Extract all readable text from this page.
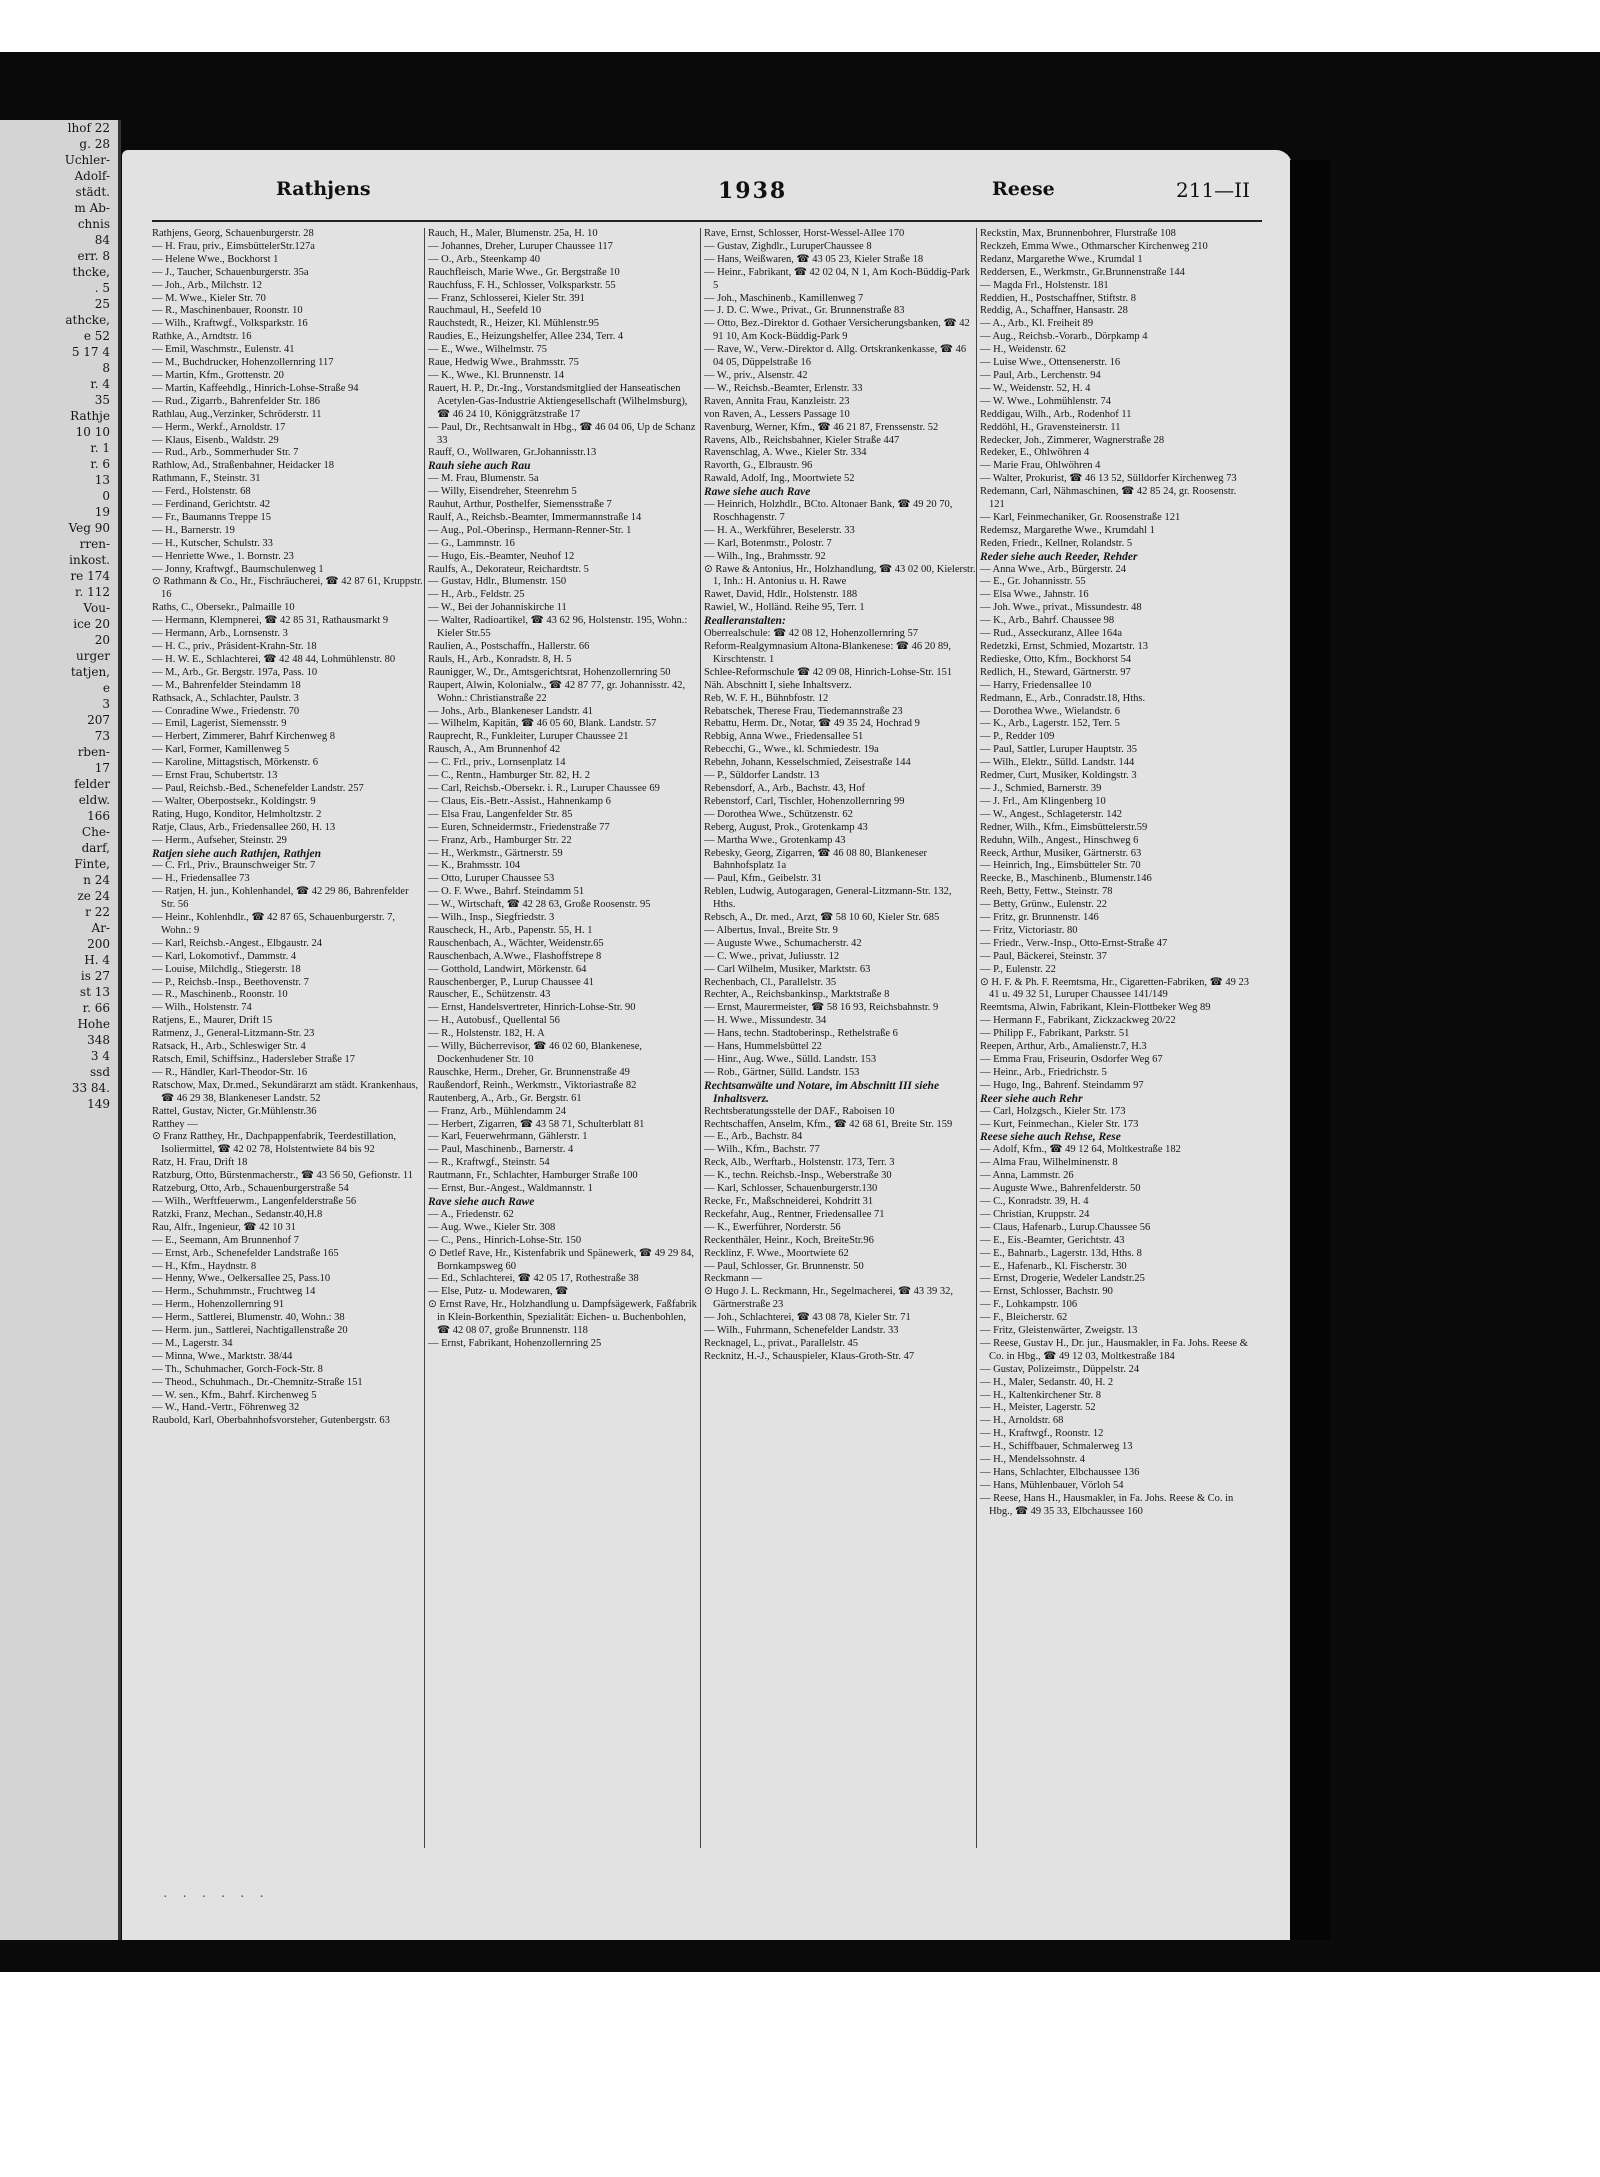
lhof 22
g. 28
Uchler-
Adolf-
städt.
m Ab-
chnis
84
err. 8
thcke,
. 5
25
athcke,
e 52
5 17 4
8
r. 4
35
Rathje
10 10
r. 1
r. 6
13
0
19
Veg 90
rren-
inkost.
re 174
r. 112
Vou-
ice 20
20
urger
tatjen,
e
3
207
73
rben-
17
felder
eldw.
166
Che-
darf,
Finte,
n 24
ze 24
r 22
Ar-
200
H. 4
is 27
st 13
r. 66
Hohe
348
3 4
ssd
33 84.
149
Rathjens	1938	Reese	211—II
Rathjens, Georg, Schauenburgerstr. 28
— H. Frau, priv., EimsbüttelerStr.127a
— Helene Wwe., Bockhorst 1
— J., Taucher, Schauenburgerstr. 35a
— Joh., Arb., Milchstr. 12
— M. Wwe., Kieler Str. 70
— R., Maschinenbauer, Roonstr. 10
— Wilh., Kraftwgf., Volksparkstr. 16
Rathke, A., Arndtstr. 16
— Emil, Waschmstr., Eulenstr. 41
— M., Buchdrucker, Hohenzollernring 117
— Martin, Kfm., Grottenstr. 20
— Martin, Kaffeehdlg., Hinrich-Lohse-Straße 94
— Rud., Zigarrb., Bahrenfelder Str. 186
Rathlau, Aug.,Verzinker, Schröderstr. 11
— Herm., Werkf., Arnoldstr. 17
— Klaus, Eisenb., Waldstr. 29
— Rud., Arb., Sommerhuder Str. 7
Rathlow, Ad., Straßenbahner, Heidacker 18
Rathmann, F., Steinstr. 31
— Ferd., Holstenstr. 68
— Ferdinand, Gerichtstr. 42
— Fr., Baumanns Treppe 15
— H., Barnerstr. 19
— H., Kutscher, Schulstr. 33
— Henriette Wwe., 1. Bornstr. 23
— Jonny, Kraftwgf., Baumschulenweg 1
⊙ Rathmann & Co., Hr., Fischräucherei, ☎ 42 87 61, Kruppstr. 16
Raths, C., Obersekr., Palmaille 10
— Hermann, Klempnerei, ☎ 42 85 31, Rathausmarkt 9
— Hermann, Arb., Lornsenstr. 3
— H. C., priv., Präsident-Krahn-Str. 18
— H. W. E., Schlachterei, ☎ 42 48 44, Lohmühlenstr. 80
— M., Arb., Gr. Bergstr. 197a, Pass. 10
— M., Bahrenfelder Steindamm 18
Rathsack, A., Schlachter, Paulstr. 3
— Conradine Wwe., Friedenstr. 70
— Emil, Lagerist, Siemensstr. 9
— Herbert, Zimmerer, Bahrf Kirchenweg 8
— Karl, Former, Kamillenweg 5
— Karoline, Mittagstisch, Mörkenstr. 6
— Ernst Frau, Schubertstr. 13
— Paul, Reichsb.-Bed., Schenefelder Landstr. 257
— Walter, Oberpostsekr., Koldingstr. 9
Rating, Hugo, Konditor, Helmholtzstr. 2
Ratje, Claus, Arb., Friedensallee 260, H. 13
— Herm., Aufseher, Steinstr. 29
Ratjen siehe auch Rathjen, Rathjen
— C. Frl., Priv., Braunschweiger Str. 7
— H., Friedensallee 73
— Ratjen, H. jun., Kohlenhandel, ☎ 42 29 86, Bahrenfelder Str. 56
— Heinr., Kohlenhdlr., ☎ 42 87 65, Schauenburgerstr. 7, Wohn.: 9
— Karl, Reichsb.-Angest., Elbgaustr. 24
— Karl, Lokomotivf., Dammstr. 4
— Louise, Milchdlg., Stiegerstr. 18
— P., Reichsb.-Insp., Beethovenstr. 7
— R., Maschinenb., Roonstr. 10
— Wilh., Holstenstr. 74
Ratjens, E., Maurer, Drift 15
Ratmenz, J., General-Litzmann-Str. 23
Ratsack, H., Arb., Schleswiger Str. 4
Ratsch, Emil, Schiffsinz., Hadersleber Straße 17
— R., Händler, Karl-Theodor-Str. 16
Ratschow, Max, Dr.med., Sekundärarzt am städt. Krankenhaus, ☎ 46 29 38, Blankeneser Landstr. 52
Rattel, Gustav, Nicter, Gr.Mühlenstr.36
Ratthey —
⊙ Franz Ratthey, Hr., Dachpappenfabrik, Teerdestillation, Isoliermittel, ☎ 42 02 78, Holstentwiete 84 bis 92
Ratz, H. Frau, Drift 18
Ratzburg, Otto, Bürstenmacherstr., ☎ 43 56 50, Gefionstr. 11
Ratzeburg, Otto, Arb., Schauenburgerstraße 54
— Wilh., Werftfeuerwm., Langenfelderstraße 56
Ratzki, Franz, Mechan., Sedanstr.40,H.8
Rau, Alfr., Ingenieur, ☎ 42 10 31
— E., Seemann, Am Brunnenhof 7
— Ernst, Arb., Schenefelder Landstraße 165
— H., Kfm., Haydnstr. 8
— Henny, Wwe., Oelkersallee 25, Pass.10
— Herm., Schuhmmstr., Fruchtweg 14
— Herm., Hohenzollernring 91
— Herm., Sattlerei, Blumenstr. 40, Wohn.: 38
— Herm. jun., Sattlerei, Nachtigallenstraße 20
— M., Lagerstr. 34
— Minna, Wwe., Marktstr. 38/44
— Th., Schuhmacher, Gorch-Fock-Str. 8
— Theod., Schuhmach., Dr.-Chemnitz-Straße 151
— W. sen., Kfm., Bahrf. Kirchenweg 5
— W., Hand.-Vertr., Föhrenweg 32
Raubold, Karl, Oberbahnhofsvorsteher, Gutenbergstr. 63
Rauch, H., Maler, Blumenstr. 25a, H. 10
— Johannes, Dreher, Luruper Chaussee 117
— O., Arb., Steenkamp 40
Rauchfleisch, Marie Wwe., Gr. Bergstraße 10
Rauchfuss, F. H., Schlosser, Volksparkstr. 55
— Franz, Schlosserei, Kieler Str. 391
Rauchmaul, H., Seefeld 10
Rauchstedt, R., Heizer, Kl. Mühlenstr.95
Raudies, E., Heizungshelfer, Allee 234, Terr. 4
— E., Wwe., Wilhelmstr. 75
Raue, Hedwig Wwe., Brahmsstr. 75
— K., Wwe., Kl. Brunnenstr. 14
Rauert, H. P., Dr.-Ing., Vorstandsmitglied der Hanseatischen Acetylen-Gas-Industrie Aktiengesellschaft (Wilhelmsburg), ☎ 46 24 10, Königgrätzstraße 17
— Paul, Dr., Rechtsanwalt in Hbg., ☎ 46 04 06, Up de Schanz 33
Rauff, O., Wollwaren, Gr.Johannisstr.13
Rauh siehe auch Rau
— M. Frau, Blumenstr. 5a
— Willy, Eisendreher, Steenrehm 5
Rauhut, Arthur, Posthelfer, Siemensstraße 7
Raulf, A., Reichsb.-Beamter, Immermannstraße 14
— Aug., Pol.-Oberinsp., Hermann-Renner-Str. 1
— G., Lammnstr. 16
— Hugo, Eis.-Beamter, Neuhof 12
Raulfs, A., Dekorateur, Reichardtstr. 5
— Gustav, Hdlr., Blumenstr. 150
— H., Arb., Feldstr. 25
— W., Bei der Johanniskirche 11
— Walter, Radioartikel, ☎ 43 62 96, Holstenstr. 195, Wohn.: Kieler Str.55
Raulien, A., Postschaffn., Hallerstr. 66
Rauls, H., Arb., Konradstr. 8, H. 5
Raunigger, W., Dr., Amtsgerichtsrat, Hohenzollernring 50
Raupert, Alwin, Kolonialw., ☎ 42 87 77, gr. Johannisstr. 42, Wohn.: Christianstraße 22
— Johs., Arb., Blankeneser Landstr. 41
— Wilhelm, Kapitän, ☎ 46 05 60, Blank. Landstr. 57
Rauprecht, R., Funkleiter, Luruper Chaussee 21
Rausch, A., Am Brunnenhof 42
— C. Frl., priv., Lornsenplatz 14
— C., Rentn., Hamburger Str. 82, H. 2
— Carl, Reichsb.-Obersekr. i. R., Luruper Chaussee 69
— Claus, Eis.-Betr.-Assist., Hahnenkamp 6
— Elsa Frau, Langenfelder Str. 85
— Euren, Schneidermstr., Friedenstraße 77
— Franz, Arb., Hamburger Str. 22
— H., Werkmstr., Gärtnerstr. 59
— K., Brahmsstr. 104
— Otto, Luruper Chaussee 53
— O. F. Wwe., Bahrf. Steindamm 51
— W., Wirtschaft, ☎ 42 28 63, Große Roosenstr. 95
— Wilh., Insp., Siegfriedstr. 3
Rauscheck, H., Arb., Papenstr. 55, H. 1
Rauschenbach, A., Wächter, Weidenstr.65
Rauschenbach, A.Wwe., Flashoffstrepe 8
— Gotthold, Landwirt, Mörkenstr. 64
Rauschenberger, P., Lurup Chaussee 41
Rauscher, E., Schützenstr. 43
— Ernst, Handelsvertreter, Hinrich-Lohse-Str. 90
— H., Autobusf., Quellental 56
— R., Holstenstr. 182, H. A
— Willy, Bücherrevisor, ☎ 46 02 60, Blankenese, Dockenhudener Str. 10
Rauschke, Herm., Dreher, Gr. Brunnenstraße 49
Raußendorf, Reinh., Werkmstr., Viktoriastraße 82
Rautenberg, A., Arb., Gr. Bergstr. 61
— Franz, Arb., Mühlendamm 24
— Herbert, Zigarren, ☎ 43 58 71, Schulterblatt 81
— Karl, Feuerwehrmann, Gählerstr. 1
— Paul, Maschinenb., Barnerstr. 4
— R., Kraftwgf., Steinstr. 54
Rautmann, Fr., Schlachter, Hamburger Straße 100
— Ernst, Bur.-Angest., Waldmannstr. 1
Rave siehe auch Rawe
— A., Friedenstr. 62
— Aug. Wwe., Kieler Str. 308
— C., Pens., Hinrich-Lohse-Str. 150
⊙ Detlef Rave, Hr., Kistenfabrik und Spänewerk, ☎ 49 29 84, Bornkampsweg 60
— Ed., Schlachterei, ☎ 42 05 17, Rothestraße 38
— Else, Putz- u. Modewaren, ☎
⊙ Ernst Rave, Hr., Holzhandlung u. Dampfsägewerk, Faßfabrik in Klein-Borkenthin, Spezialität: Eichen- u. Buchenbohlen, ☎ 42 08 07, große Brunnenstr. 118
— Ernst, Fabrikant, Hohenzollernring 25
Rave, Ernst, Schlosser, Horst-Wessel-Allee 170
— Gustav, Zighdlr., LuruperChaussee 8
— Hans, Weißwaren, ☎ 43 05 23, Kieler Straße 18
— Heinr., Fabrikant, ☎ 42 02 04, N 1, Am Koch-Büddig-Park 5
— Joh., Maschinenb., Kamillenweg 7
— J. D. C. Wwe., Privat., Gr. Brunnenstraße 83
— Otto, Bez.-Direktor d. Gothaer Versicherungsbanken, ☎ 42 91 10, Am Kock-Büddig-Park 9
— Rave, W., Verw.-Direktor d. Allg. Ortskrankenkasse, ☎ 46 04 05, Düppelstraße 16
— W., priv., Alsenstr. 42
— W., Reichsb.-Beamter, Erlenstr. 33
Raven, Annita Frau, Kanzleistr. 23
von Raven, A., Lessers Passage 10
Ravenburg, Werner, Kfm., ☎ 46 21 87, Frenssenstr. 52
Ravens, Alb., Reichsbahner, Kieler Straße 447
Ravenschlag, A. Wwe., Kieler Str. 334
Ravorth, G., Elbraustr. 96
Rawald, Adolf, Ing., Moortwiete 52
Rawe siehe auch Rave
— Heinrich, Holzhdlr., BCto. Altonaer Bank, ☎ 49 20 70, Roschhagenstr. 7
— H. A., Werkführer, Beselerstr. 33
— Karl, Botenmstr., Polostr. 7
— Wilh., Ing., Brahmsstr. 92
⊙ Rawe & Antonius, Hr., Holzhandlung, ☎ 43 02 00, Kielerstr. 1, Inh.: H. Antonius u. H. Rawe
Rawet, David, Hdlr., Holstenstr. 188
Rawiel, W., Holländ. Reihe 95, Terr. 1
Realleranstalten:
Oberrealschule: ☎ 42 08 12, Hohenzollernring 57
Reform-Realgymnasium Altona-Blankenese: ☎ 46 20 89, Kirschtenstr. 1
Schlee-Reformschule ☎ 42 09 08, Hinrich-Lohse-Str. 151
Näh. Abschnitt I, siehe Inhaltsverz.
Reb, W. F. H., Bühnbfostr. 12
Rebatschek, Therese Frau, Tiedemannstraße 23
Rebattu, Herm. Dr., Notar, ☎ 49 35 24, Hochrad 9
Rebbig, Anna Wwe., Friedensallee 51
Rebecchi, G., Wwe., kl. Schmiedestr. 19a
Rebehn, Johann, Kesselschmied, Zeisestraße 144
— P., Süldorfer Landstr. 13
Rebensdorf, A., Arb., Bachstr. 43, Hof
Rebenstorf, Carl, Tischler, Hohenzollernring 99
— Dorothea Wwe., Schützenstr. 62
Reberg, August, Prok., Grotenkamp 43
— Martha Wwe., Grotenkamp 43
Rebesky, Georg, Zigarren, ☎ 46 08 80, Blankeneser Bahnhofsplatz 1a
— Paul, Kfm., Geibelstr. 31
Reblen, Ludwig, Autogaragen, General-Litzmann-Str. 132, Hths.
Rebsch, A., Dr. med., Arzt, ☎ 58 10 60, Kieler Str. 685
— Albertus, Inval., Breite Str. 9
— Auguste Wwe., Schumacherstr. 42
— C. Wwe., privat, Juliusstr. 12
— Carl Wilhelm, Musiker, Marktstr. 63
Rechenbach, Cl., Parallelstr. 35
Rechter, A., Reichsbankinsp., Marktstraße 8
— Ernst, Maurermeister, ☎ 58 16 93, Reichsbahnstr. 9
— H. Wwe., Missundestr. 34
— Hans, techn. Stadtoberinsp., Rethelstraße 6
— Hans, Hummelsbüttel 22
— Hinr., Aug. Wwe., Sülld. Landstr. 153
— Rob., Gärtner, Sülld. Landstr. 153
Rechtsanwälte und Notare, im Abschnitt III siehe Inhaltsverz.
Rechtsberatungsstelle der DAF., Raboisen 10
Rechtschaffen, Anselm, Kfm., ☎ 42 68 61, Breite Str. 159
— E., Arb., Bachstr. 84
— Wilh., Kfm., Bachstr. 77
Reck, Alb., Werftarb., Holstenstr. 173, Terr. 3
— K., techn. Reichsb.-Insp., Weberstraße 30
— Karl, Schlosser, Schauenburgerstr.130
Recke, Fr., Maßschneiderei, Kohdritt 31
Reckefahr, Aug., Rentner, Friedensallee 71
— K., Ewerführer, Norderstr. 56
Reckenthäler, Heinr., Koch, BreiteStr.96
Recklinz, F. Wwe., Moortwiete 62
— Paul, Schlosser, Gr. Brunnenstr. 50
Reckmann —
⊙ Hugo J. L. Reckmann, Hr., Segelmacherei, ☎ 43 39 32, Gärtnerstraße 23
— Joh., Schlachterei, ☎ 43 08 78, Kieler Str. 71
— Wilh., Fuhrmann, Schenefelder Landstr. 33
Recknagel, L., privat., Parallelstr. 45
Recknitz, H.-J., Schauspieler, Klaus-Groth-Str. 47
Reckstin, Max, Brunnenbohrer, Flurstraße 108
Reckzeh, Emma Wwe., Othmarscher Kirchenweg 210
Redanz, Margarethe Wwe., Krumdal 1
Reddersen, E., Werkmstr., Gr.Brunnenstraße 144
— Magda Frl., Holstenstr. 181
Reddien, H., Postschaffner, Stiftstr. 8
Reddig, A., Schaffner, Hansastr. 28
— A., Arb., Kl. Freiheit 89
— Aug., Reichsb.-Vorarb., Dörpkamp 4
— H., Weidenstr. 62
— Luise Wwe., Ottensenerstr. 16
— Paul, Arb., Lerchenstr. 94
— W., Weidenstr. 52, H. 4
— W. Wwe., Lohmühlenstr. 74
Reddigau, Wilh., Arb., Rodenhof 11
Reddöhl, H., Gravensteinerstr. 11
Redecker, Joh., Zimmerer, Wagnerstraße 28
Redeker, E., Ohlwöhren 4
— Marie Frau, Ohlwöhren 4
— Walter, Prokurist, ☎ 46 13 52, Sülldorfer Kirchenweg 73
Redemann, Carl, Nähmaschinen, ☎ 42 85 24, gr. Roosenstr. 121
— Karl, Feinmechaniker, Gr. Roosenstraße 121
Redemsz, Margarethe Wwe., Krumdahl 1
Reden, Friedr., Kellner, Rolandstr. 5
Reder siehe auch Reeder, Rehder
— Anna Wwe., Arb., Bürgerstr. 24
— E., Gr. Johannisstr. 55
— Elsa Wwe., Jahnstr. 16
— Joh. Wwe., privat., Missundestr. 48
— K., Arb., Bahrf. Chaussee 98
— Rud., Asseckuranz, Allee 164a
Redetzki, Ernst, Schmied, Mozartstr. 13
Redieske, Otto, Kfm., Bockhorst 54
Redlich, H., Steward, Gärtnerstr. 97
— Harry, Friedensallee 10
Redmann, E., Arb., Conradstr.18, Hths.
— Dorothea Wwe., Wielandstr. 6
— K., Arb., Lagerstr. 152, Terr. 5
— P., Redder 109
— Paul, Sattler, Luruper Hauptstr. 35
— Wilh., Elektr., Sülld. Landstr. 144
Redmer, Curt, Musiker, Koldingstr. 3
— J., Schmied, Barnerstr. 39
— J. Frl., Am Klingenberg 10
— W., Angest., Schlageterstr. 142
Redner, Wilh., Kfm., Eimsbüttelerstr.59
Reduhn, Wilh., Angest., Hinschweg 6
Reeck, Arthur, Musiker, Gärtnerstr. 63
— Heinrich, Ing., Eimsbütteler Str. 70
Reecke, B., Maschinenb., Blumenstr.146
Reeh, Betty, Fettw., Steinstr. 78
— Betty, Grünw., Eulenstr. 22
— Fritz, gr. Brunnenstr. 146
— Fritz, Victoriastr. 80
— Friedr., Verw.-Insp., Otto-Ernst-Straße 47
— Paul, Bäckerei, Steinstr. 37
— P., Eulenstr. 22
⊙ H. F. & Ph. F. Reemtsma, Hr., Cigaretten-Fabriken, ☎ 49 23 41 u. 49 32 51, Luruper Chaussee 141/149
Reemtsma, Alwin, Fabrikant, Klein-Flottbeker Weg 89
— Hermann F., Fabrikant, Zickzackweg 20/22
— Philipp F., Fabrikant, Parkstr. 51
Reepen, Arthur, Arb., Amalienstr.7, H.3
— Emma Frau, Friseurin, Osdorfer Weg 67
— Heinr., Arb., Friedrichstr. 5
— Hugo, Ing., Bahrenf. Steindamm 97
Reer siehe auch Rehr
— Carl, Holzgsch., Kieler Str. 173
— Kurt, Feinmechan., Kieler Str. 173
Reese siehe auch Rehse, Rese
— Adolf, Kfm., ☎ 49 12 64, Moltkestraße 182
— Alma Frau, Wilhelminenstr. 8
— Anna, Lammstr. 26
— Auguste Wwe., Bahrenfelderstr. 50
— C., Konradstr. 39, H. 4
— Christian, Kruppstr. 24
— Claus, Hafenarb., Lurup.Chaussee 56
— E., Eis.-Beamter, Gerichtstr. 43
— E., Bahnarb., Lagerstr. 13d, Hths. 8
— E., Hafenarb., Kl. Fischerstr. 30
— Ernst, Drogerie, Wedeler Landstr.25
— Ernst, Schlosser, Bachstr. 90
— F., Lohkampstr. 106
— F., Bleicherstr. 62
— Fritz, Gleistenwärter, Zweigstr. 13
— Reese, Gustav H., Dr. jur., Hausmakler, in Fa. Johs. Reese & Co. in Hbg., ☎ 49 12 03, Moltkestraße 184
— Gustav, Polizeimstr., Düppelstr. 24
— H., Maler, Sedanstr. 40, H. 2
— H., Kaltenkirchener Str. 8
— H., Meister, Lagerstr. 52
— H., Arnoldstr. 68
— H., Kraftwgf., Roonstr. 12
— H., Schiffbauer, Schmalerweg 13
— H., Mendelssohnstr. 4
— Hans, Schlachter, Elbchaussee 136
— Hans, Mühlenbauer, Vörloh 54
— Reese, Hans H., Hausmakler, in Fa. Johs. Reese & Co. in Hbg., ☎ 49 35 33, Elbchaussee 160
· · · · · ·
